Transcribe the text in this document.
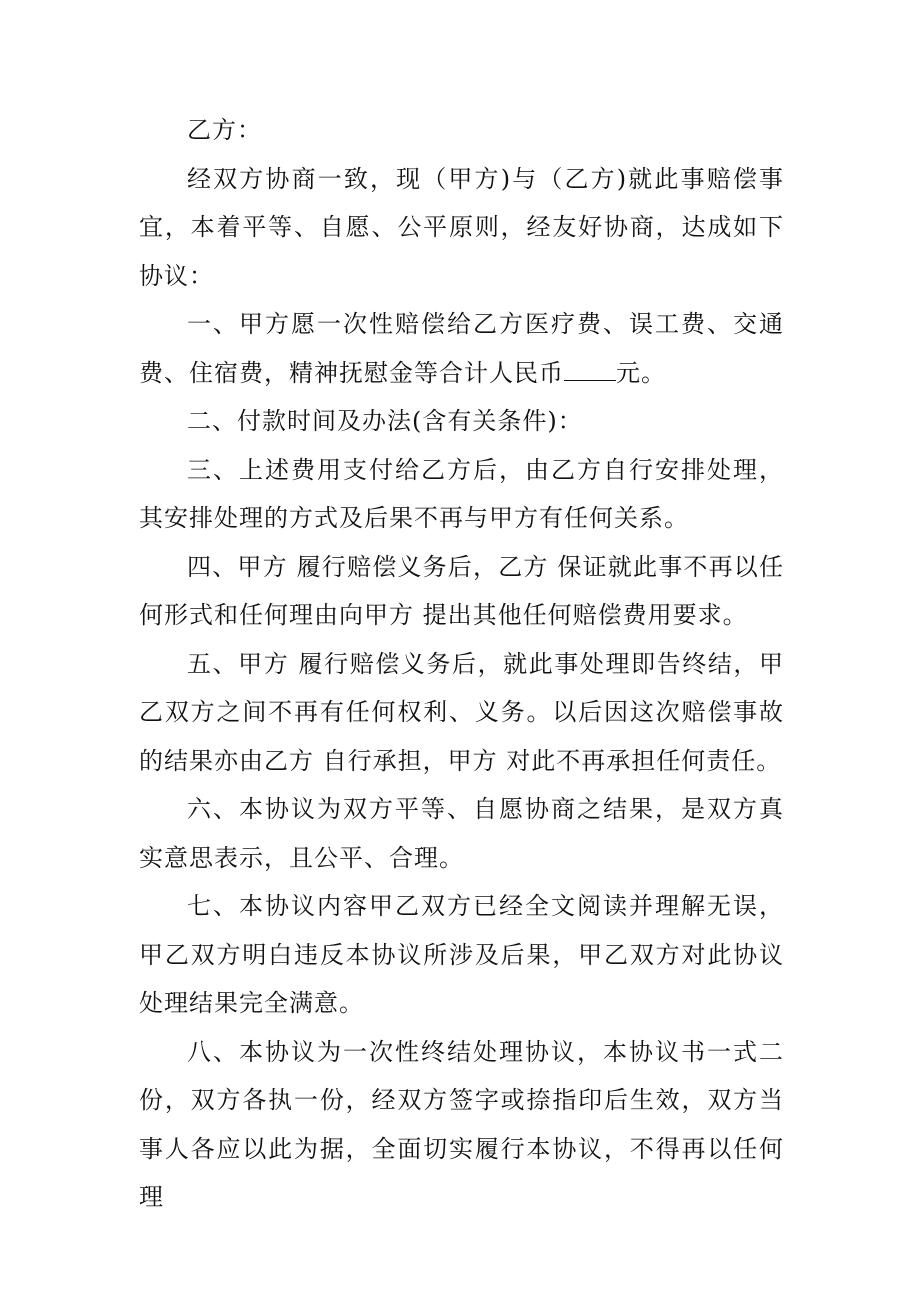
乙方：

经双方协商一致，现（甲方)与（乙方)就此事赔偿事宜，本着平等、自愿、公平原则，经友好协商，达成如下协议：

一、甲方愿一次性赔偿给乙方医疗费、误工费、交通费、住宿费，精神抚慰金等合计人民币 元。

二、付款时间及办法(含有关条件)：

三、上述费用支付给乙方后，由乙方自行安排处理，其安排处理的方式及后果不再与甲方有任何关系。

四、甲方 履行赔偿义务后，乙方 保证就此事不再以任何形式和任何理由向甲方 提出其他任何赔偿费用要求。

五、甲方 履行赔偿义务后，就此事处理即告终结，甲乙双方之间不再有任何权利、义务。以后因这次赔偿事故的结果亦由乙方 自行承担，甲方 对此不再承担任何责任。

六、本协议为双方平等、自愿协商之结果，是双方真实意思表示，且公平、合理。

七、本协议内容甲乙双方已经全文阅读并理解无误，甲乙双方明白违反本协议所涉及后果，甲乙双方对此协议处理结果完全满意。

八、本协议为一次性终结处理协议，本协议书一式二份，双方各执一份，经双方签字或捺指印后生效，双方当事人各应以此为据，全面切实履行本协议，不得再以任何理
